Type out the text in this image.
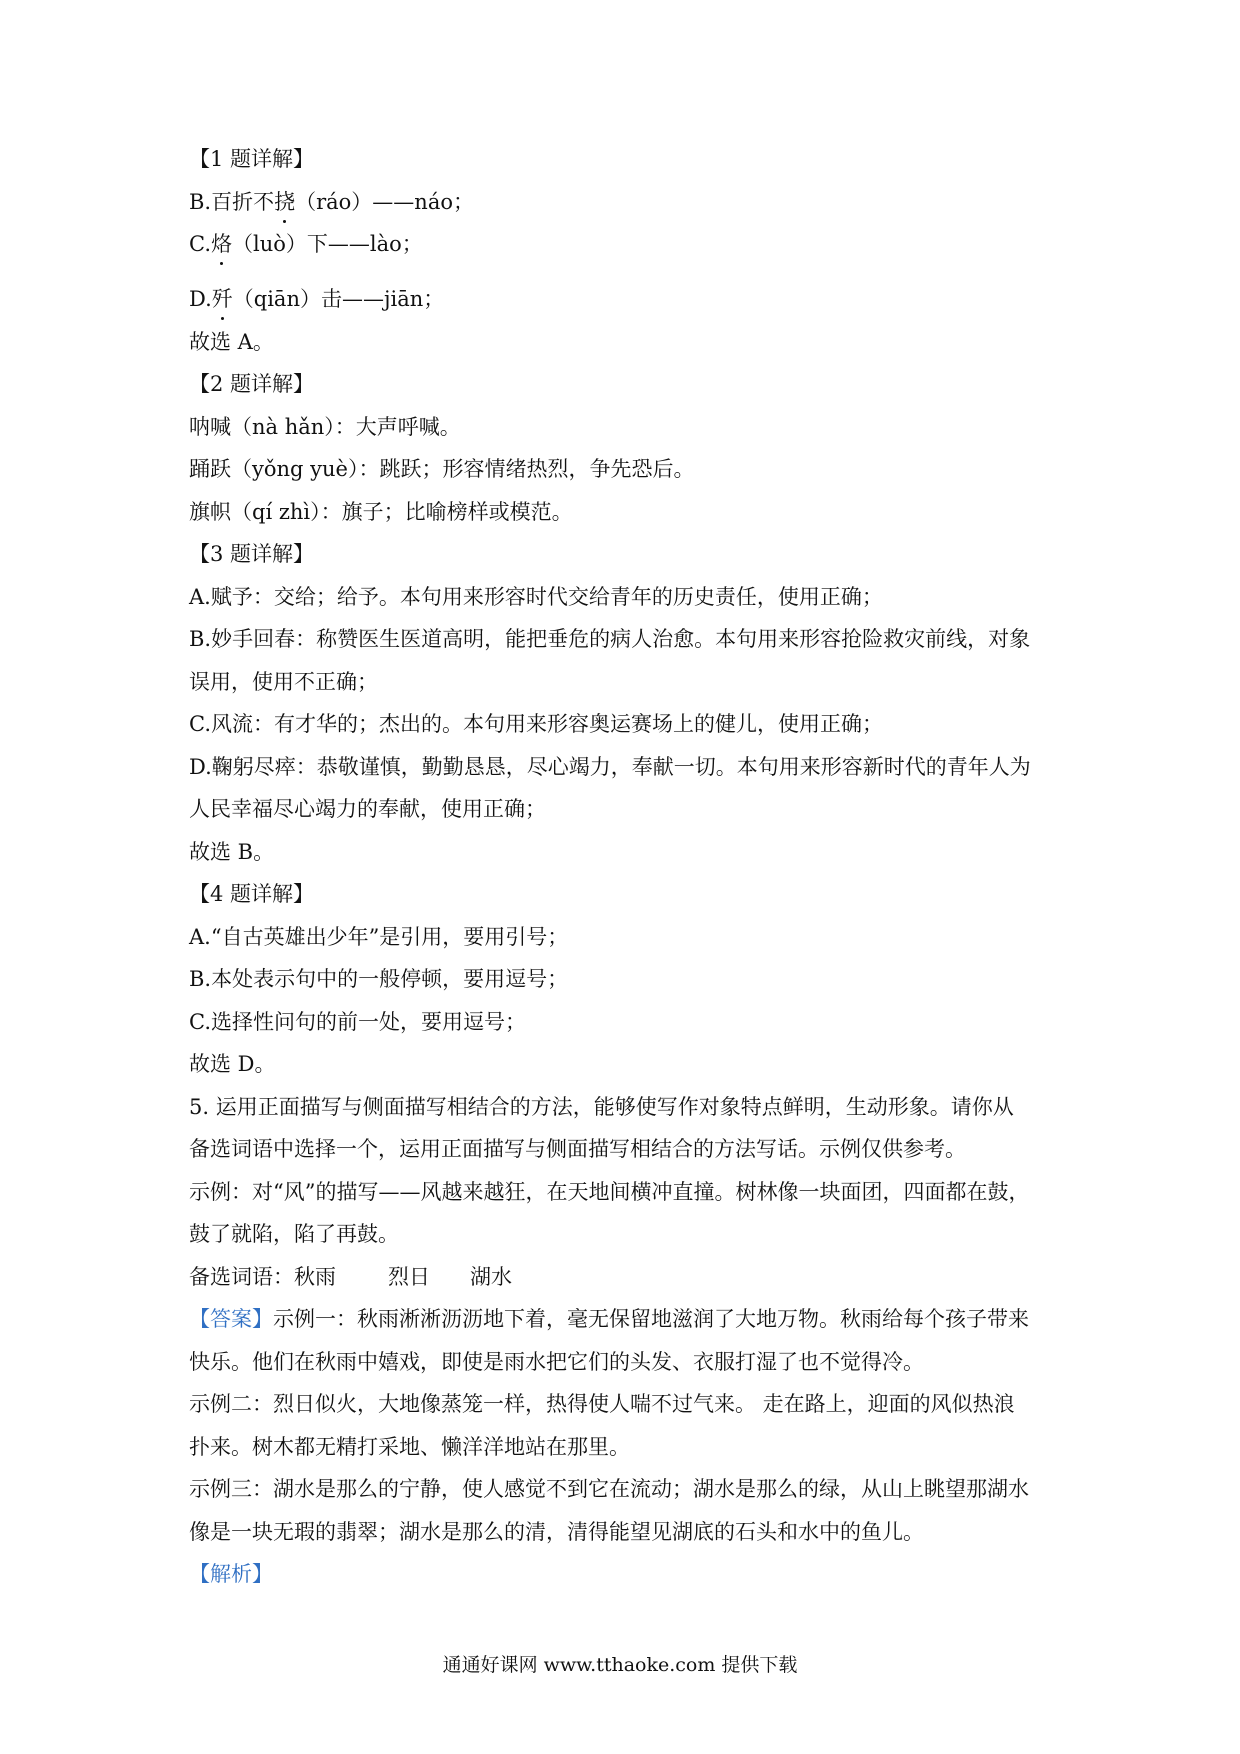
【1 题详解】

B.百折不挠（ráo）——náo；

C.烙（luò）下——lào；

D.歼（qiān）击——jiān；

故选 A。

【2 题详解】

呐喊（nà hǎn）：大声呼喊。

踊跃（yǒng yuè）：跳跃；形容情绪热烈，争先恐后。

旗帜（qí zhì）：旗子；比喻榜样或模范。

【3 题详解】

A.赋予：交给；给予。本句用来形容时代交给青年的历史责任，使用正确；

B.妙手回春：称赞医生医道高明，能把垂危的病人治愈。本句用来形容抢险救灾前线，对象

误用，使用不正确；

C.风流：有才华的；杰出的。本句用来形容奥运赛场上的健儿，使用正确；

D.鞠躬尽瘁：恭敬谨慎，勤勤恳恳，尽心竭力，奉献一切。本句用来形容新时代的青年人为

人民幸福尽心竭力的奉献，使用正确；

故选 B。

【4 题详解】

A.“自古英雄出少年”是引用，要用引号；

B.本处表示句中的一般停顿，要用逗号；

C.选择性问句的前一处，要用逗号；

故选 D。

5. 运用正面描写与侧面描写相结合的方法，能够使写作对象特点鲜明，生动形象。请你从

备选词语中选择一个，运用正面描写与侧面描写相结合的方法写话。示例仅供参考。

示例：对“风”的描写——风越来越狂，在天地间横冲直撞。树林像一块面团，四面都在鼓，

鼓了就陷，陷了再鼓。

备选词语：秋雨 烈日 湖水

【答案】示例一：秋雨淅淅沥沥地下着，毫无保留地滋润了大地万物。秋雨给每个孩子带来

快乐。他们在秋雨中嬉戏，即使是雨水把它们的头发、衣服打湿了也不觉得冷。

示例二：烈日似火，大地像蒸笼一样，热得使人喘不过气来。 走在路上，迎面的风似热浪

扑来。树木都无精打采地、懒洋洋地站在那里。

示例三：湖水是那么的宁静，使人感觉不到它在流动；湖水是那么的绿，从山上眺望那湖水

像是一块无瑕的翡翠；湖水是那么的清，清得能望见湖底的石头和水中的鱼儿。

【解析】

通通好课网 www.tthaoke.com 提供下载
